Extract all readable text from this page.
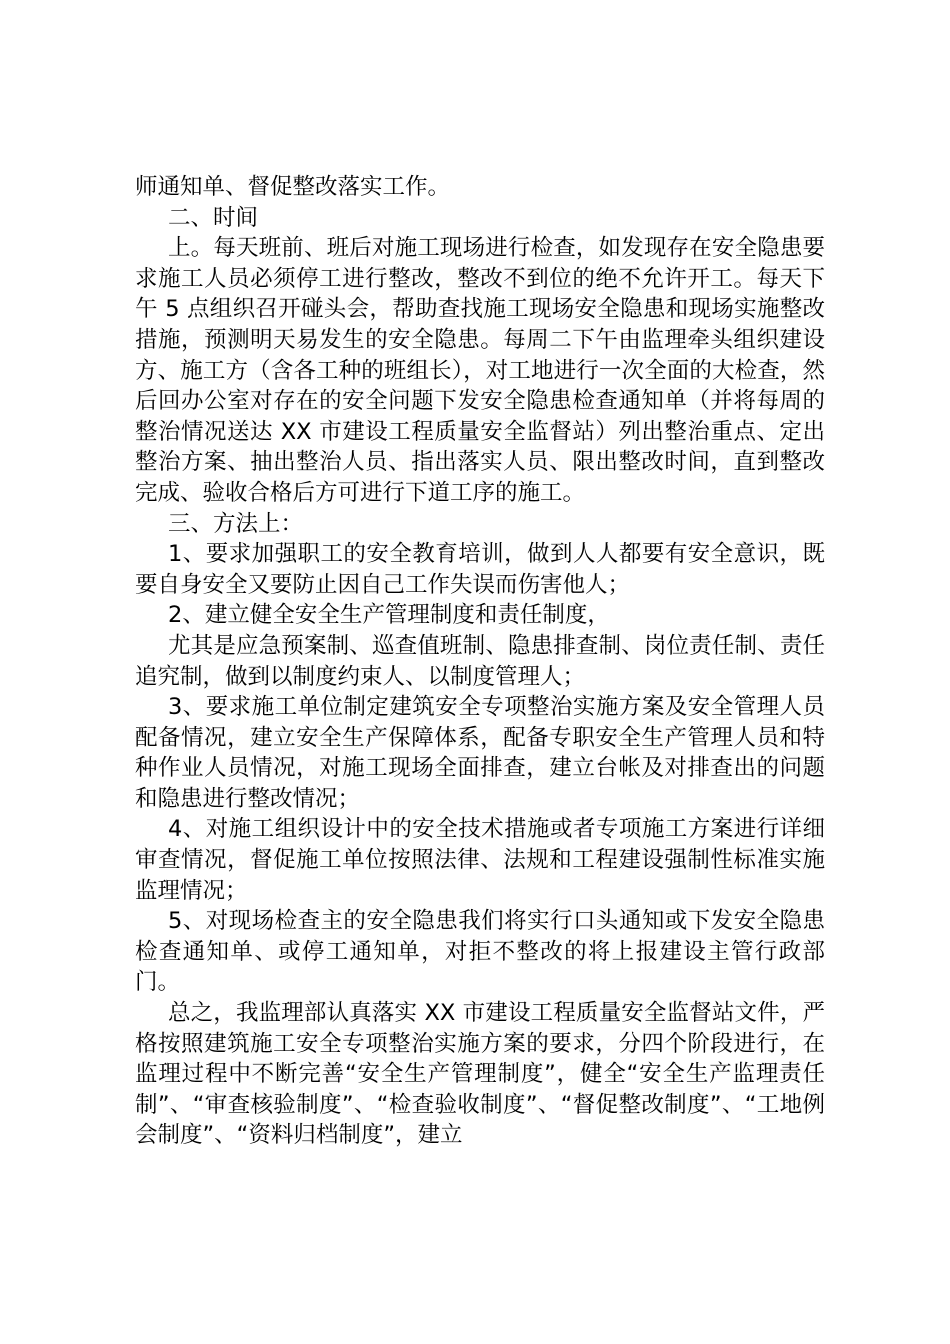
师通知单、督促整改落实工作。

二、时间

上。每天班前、班后对施工现场进行检查，如发现存在安全隐患要求施工人员必须停工进行整改，整改不到位的绝不允许开工。每天下午 5 点组织召开碰头会，帮助查找施工现场安全隐患和现场实施整改措施，预测明天易发生的安全隐患。每周二下午由监理牵头组织建设方、施工方（含各工种的班组长），对工地进行一次全面的大检查，然后回办公室对存在的安全问题下发安全隐患检查通知单（并将每周的整治情况送达 XX 市建设工程质量安全监督站）列出整治重点、定出整治方案、抽出整治人员、指出落实人员、限出整改时间，直到整改完成、验收合格后方可进行下道工序的施工。

三、方法上：

1、要求加强职工的安全教育培训，做到人人都要有安全意识，既要自身安全又要防止因自己工作失误而伤害他人；

2、建立健全安全生产管理制度和责任制度，

尤其是应急预案制、巡查值班制、隐患排查制、岗位责任制、责任追究制，做到以制度约束人、以制度管理人；

3、要求施工单位制定建筑安全专项整治实施方案及安全管理人员配备情况，建立安全生产保障体系，配备专职安全生产管理人员和特种作业人员情况，对施工现场全面排查，建立台帐及对排查出的问题和隐患进行整改情况；

4、对施工组织设计中的安全技术措施或者专项施工方案进行详细审查情况，督促施工单位按照法律、法规和工程建设强制性标准实施监理情况；

5、对现场检查主的安全隐患我们将实行口头通知或下发安全隐患检查通知单、或停工通知单，对拒不整改的将上报建设主管行政部门。

总之，我监理部认真落实 XX 市建设工程质量安全监督站文件，严格按照建筑施工安全专项整治实施方案的要求，分四个阶段进行，在监理过程中不断完善“安全生产管理制度”，健全“安全生产监理责任制”、“审查核验制度”、“检查验收制度”、“督促整改制度”、“工地例会制度”、“资料归档制度”，建立
